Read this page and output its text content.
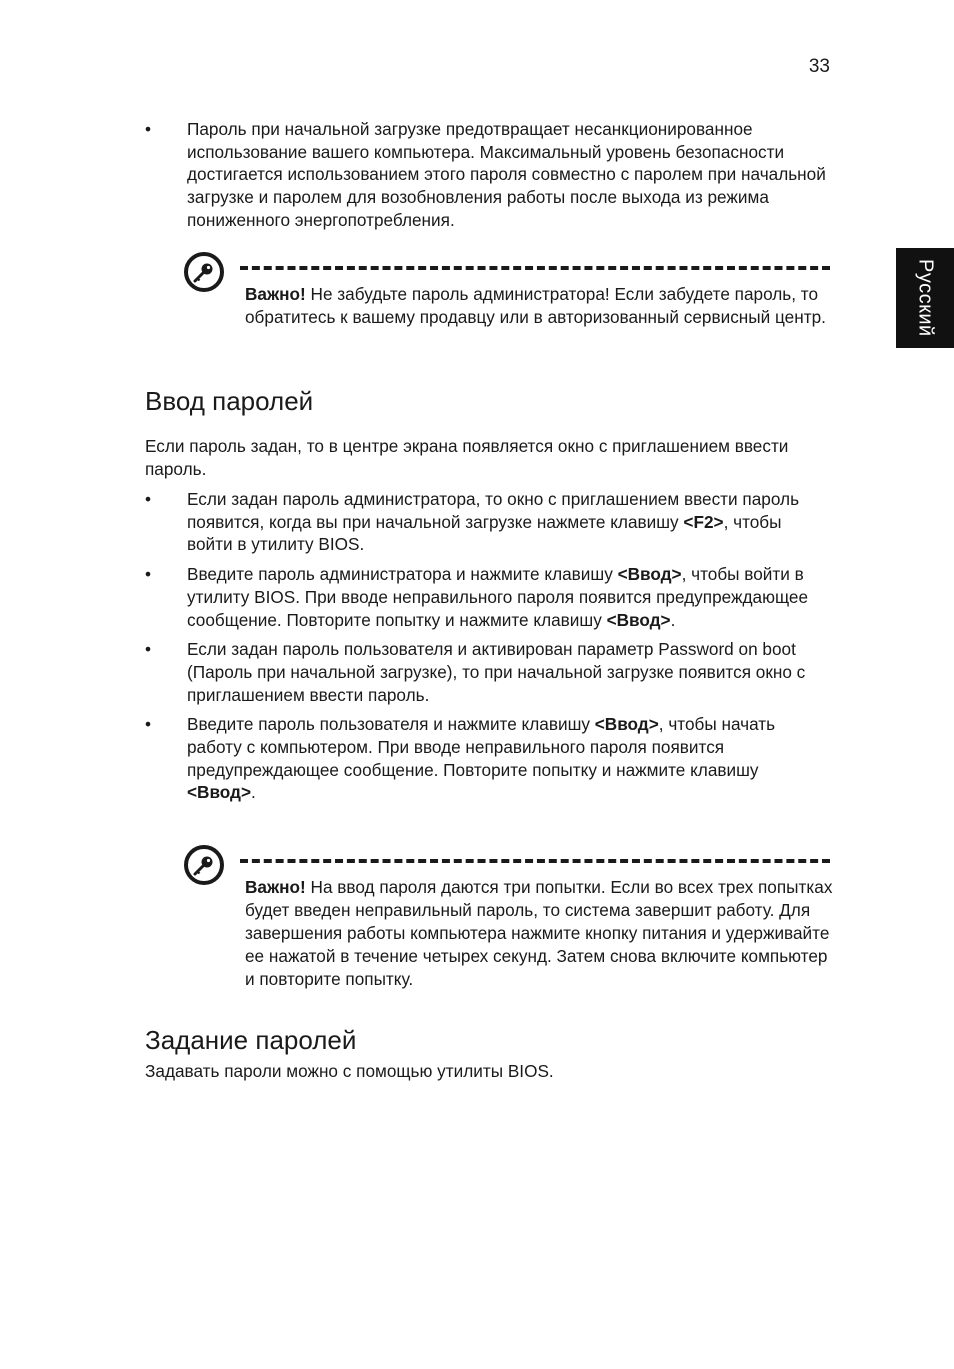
33
Русский
• Пароль при начальной загрузке предотвращает несанкционированное использование вашего компьютера. Максимальный уровень безопасности достигается использованием этого пароля совместно с паролем при начальной загрузке и паролем для возобновления работы после выхода из режима пониженного энергопотребления.
Важно! Не забудьте пароль администратора! Если забудете пароль, то обратитесь к вашему продавцу или в авторизованный сервисный центр.
Ввод паролей

Если пароль задан, то в центре экрана появляется окно с приглашением ввести пароль.

• Если задан пароль администратора, то окно с приглашением ввести пароль появится, когда вы при начальной загрузке нажмете клавишу <F2>, чтобы войти в утилиту BIOS.
• Введите пароль администратора и нажмите клавишу <Ввод>, чтобы войти в утилиту BIOS. При вводе неправильного пароля появится предупреждающее сообщение. Повторите попытку и нажмите клавишу <Ввод>.
• Если задан пароль пользователя и активирован параметр Password on boot (Пароль при начальной загрузке), то при начальной загрузке появится окно с приглашением ввести пароль.
• Введите пароль пользователя и нажмите клавишу <Ввод>, чтобы начать работу с компьютером. При вводе неправильного пароля появится предупреждающее сообщение. Повторите попытку и нажмите клавишу <Ввод>.
Важно! На ввод пароля даются три попытки. Если во всех трех попытках будет введен неправильный пароль, то система завершит работу. Для завершения работы компьютера нажмите кнопку питания и удерживайте ее нажатой в течение четырех секунд. Затем снова включите компьютер и повторите попытку.
Задание паролей

Задавать пароли можно с помощью утилиты BIOS.
